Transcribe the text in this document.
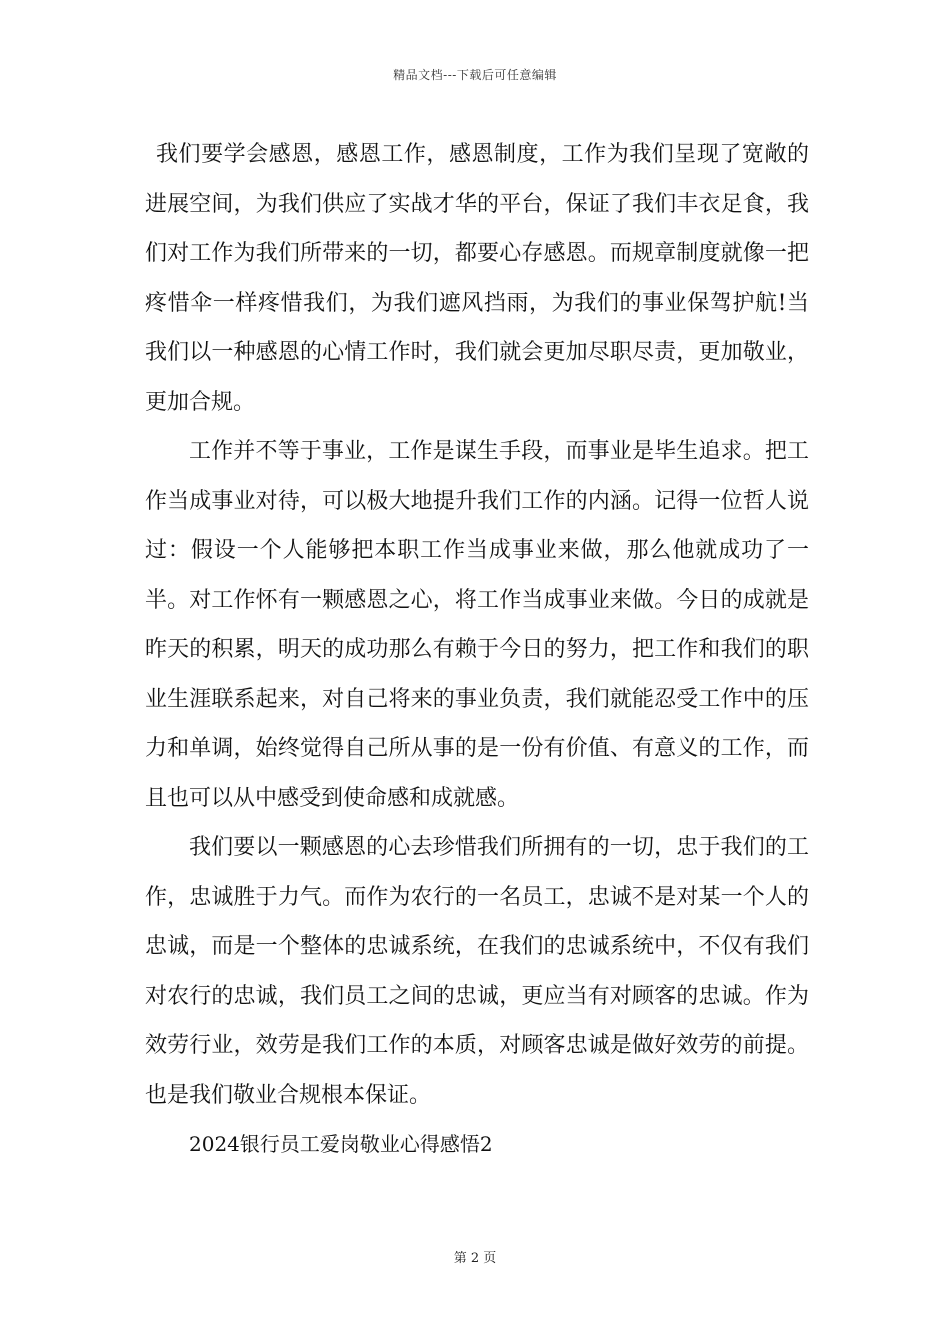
精品文档---下载后可任意编辑

我们要学会感恩，感恩工作，感恩制度，工作为我们呈现了宽敞的进展空间，为我们供应了实战才华的平台，保证了我们丰衣足食，我们对工作为我们所带来的一切，都要心存感恩。而规章制度就像一把疼惜伞一样疼惜我们，为我们遮风挡雨，为我们的事业保驾护航!当我们以一种感恩的心情工作时，我们就会更加尽职尽责，更加敬业，更加合规。

工作并不等于事业，工作是谋生手段，而事业是毕生追求。把工作当成事业对待，可以极大地提升我们工作的内涵。记得一位哲人说过：假设一个人能够把本职工作当成事业来做，那么他就成功了一半。对工作怀有一颗感恩之心，将工作当成事业来做。今日的成就是昨天的积累，明天的成功那么有赖于今日的努力，把工作和我们的职业生涯联系起来，对自己将来的事业负责，我们就能忍受工作中的压力和单调，始终觉得自己所从事的是一份有价值、有意义的工作，而且也可以从中感受到使命感和成就感。

我们要以一颗感恩的心去珍惜我们所拥有的一切，忠于我们的工作，忠诚胜于力气。而作为农行的一名员工，忠诚不是对某一个人的忠诚，而是一个整体的忠诚系统，在我们的忠诚系统中，不仅有我们对农行的忠诚，我们员工之间的忠诚，更应当有对顾客的忠诚。作为效劳行业，效劳是我们工作的本质，对顾客忠诚是做好效劳的前提。也是我们敬业合规根本保证。

2024银行员工爱岗敬业心得感悟2

第 2 页
